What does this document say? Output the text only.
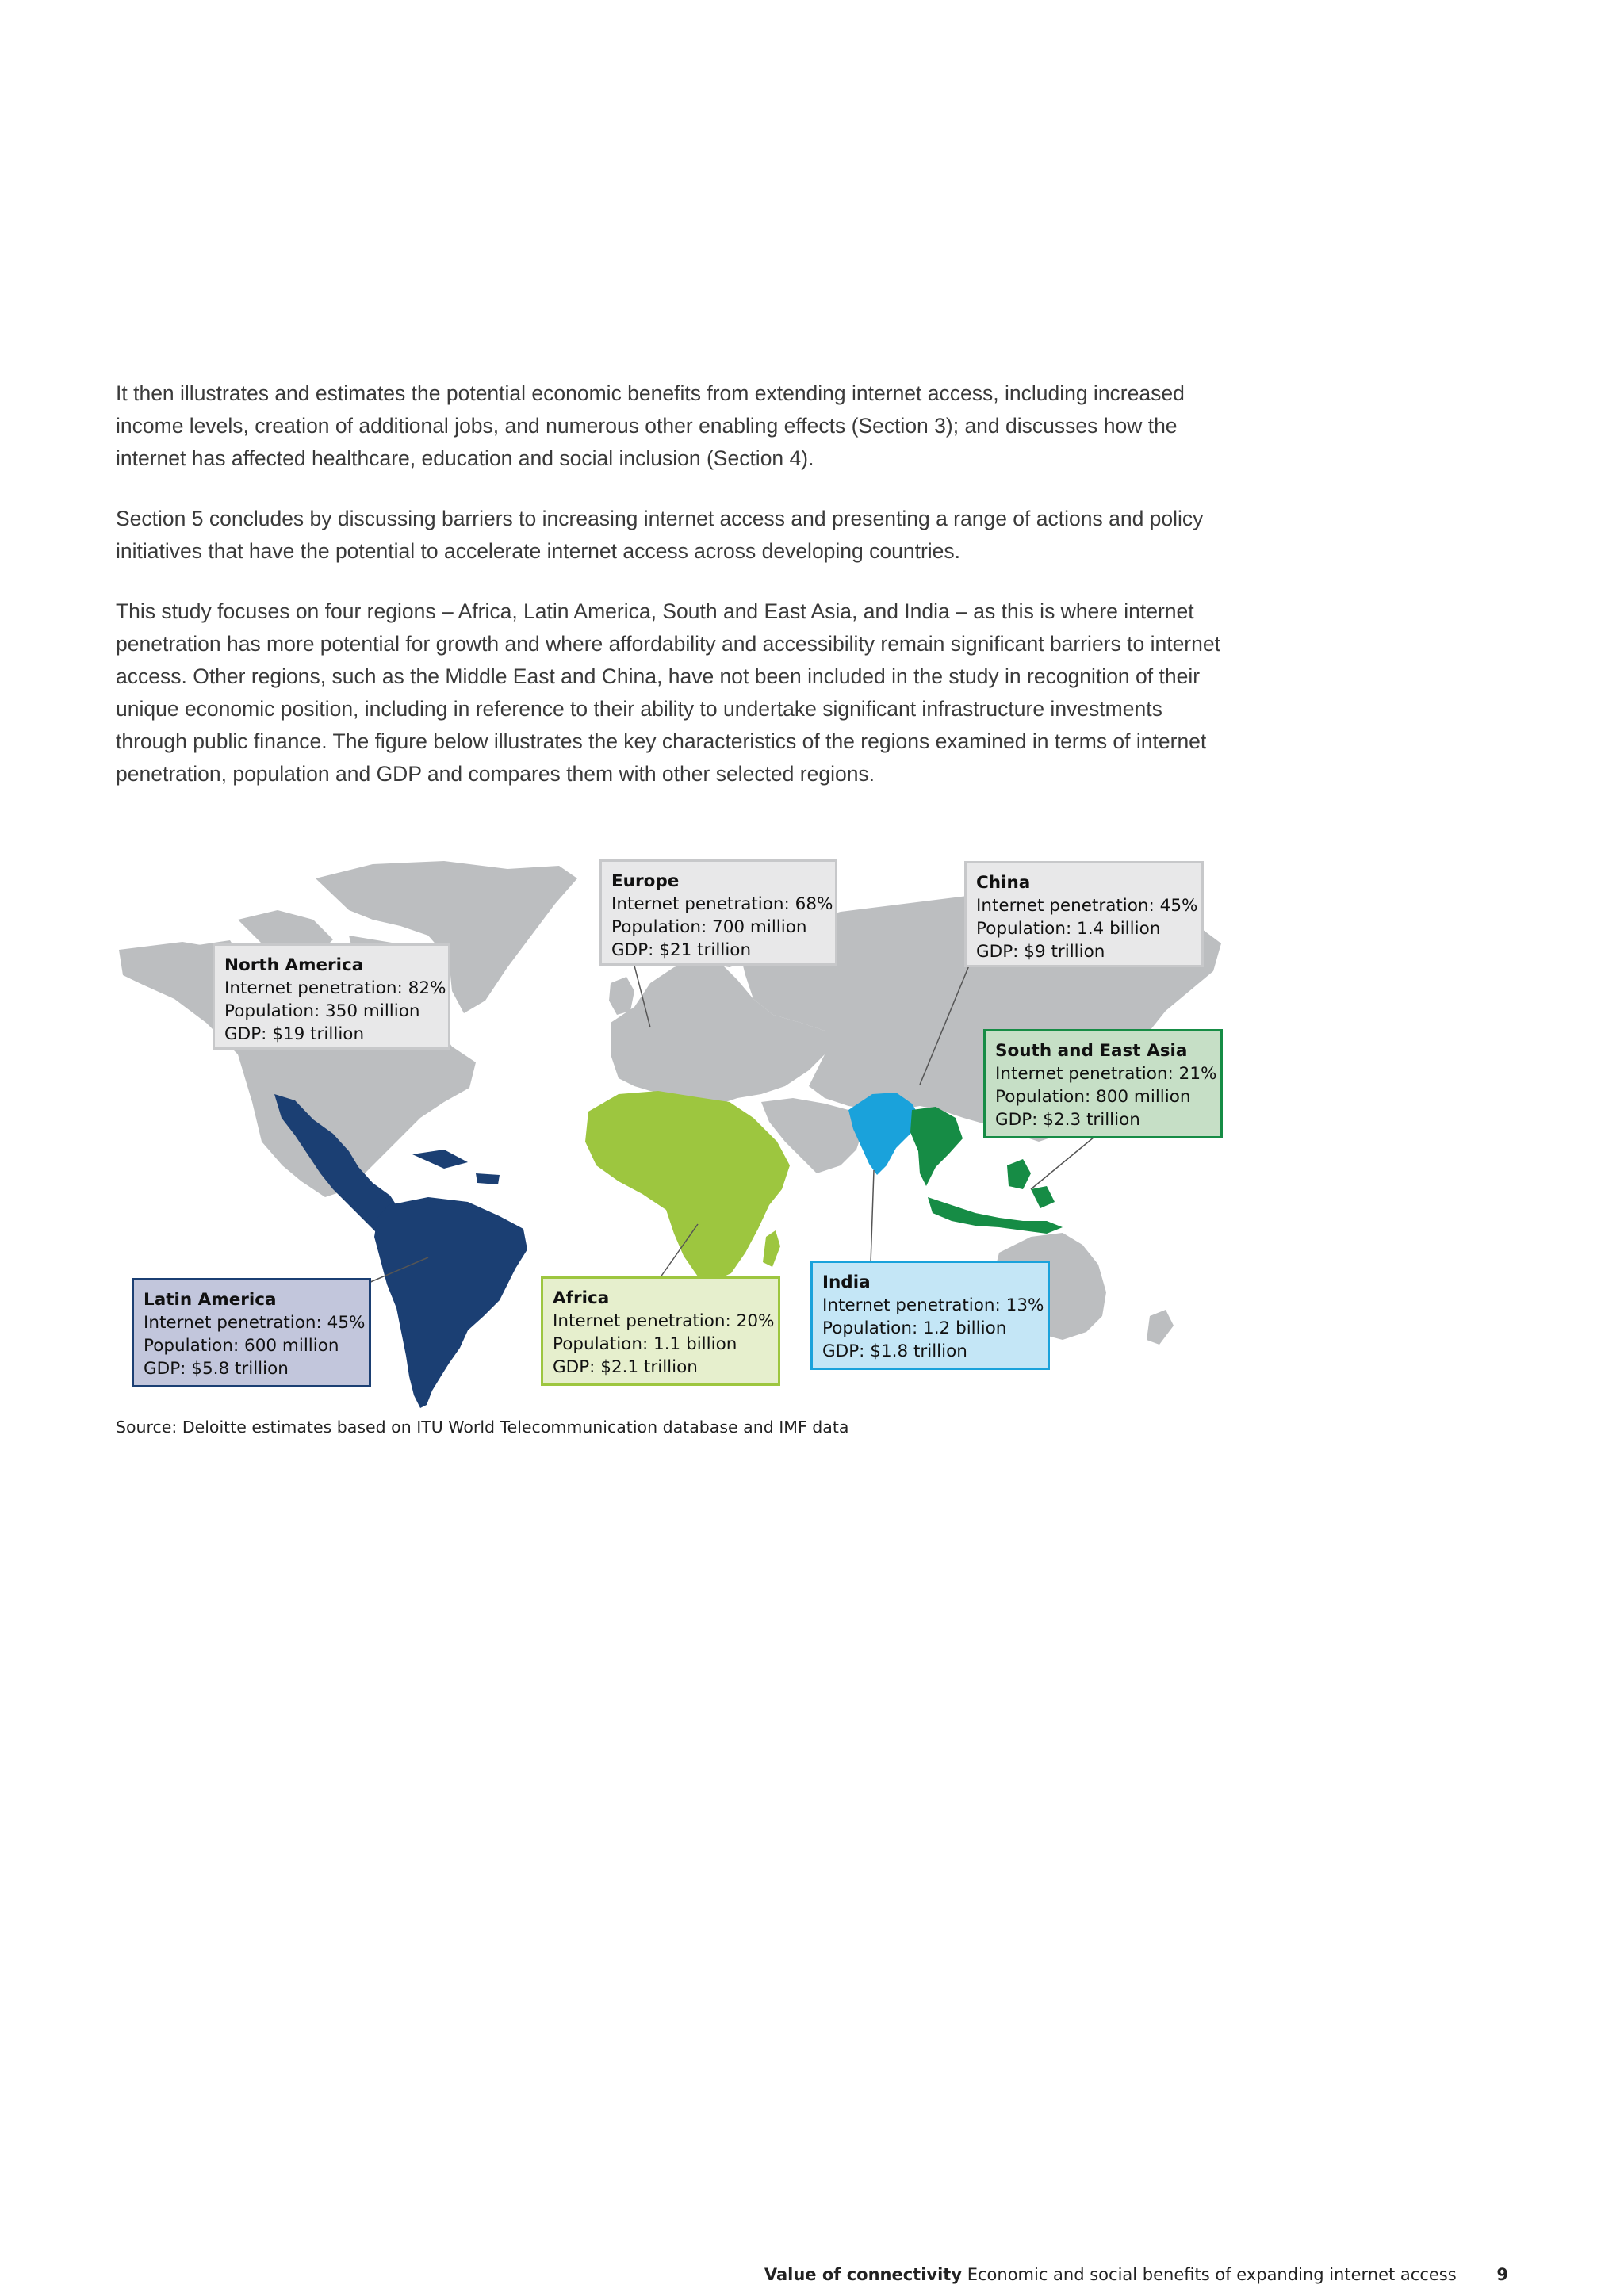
It then illustrates and estimates the potential economic benefits from extending internet access, including increased income levels, creation of additional jobs, and numerous other enabling effects (Section 3); and discusses how the internet has affected healthcare, education and social inclusion (Section 4).

Section 5 concludes by discussing barriers to increasing internet access and presenting a range of actions and policy initiatives that have the potential to accelerate internet access across developing countries.

This study focuses on four regions – Africa, Latin America, South and East Asia, and India – as this is where internet penetration has more potential for growth and where affordability and accessibility remain significant barriers to internet access. Other regions, such as the Middle East and China, have not been included in the study in recognition of their unique economic position, including in reference to their ability to undertake significant infrastructure investments through public finance. The figure below illustrates the key characteristics of the regions examined in terms of internet penetration, population and GDP and compares them with other selected regions.

North America
Internet penetration: 82%
Population: 350 million
GDP: $19 trillion
Europe
Internet penetration: 68%
Population: 700 million
GDP: $21 trillion
China
Internet penetration: 45%
Population: 1.4 billion
GDP: $9 trillion
South and East Asia
Internet penetration: 21%
Population: 800 million
GDP: $2.3 trillion
Latin America
Internet penetration: 45%
Population: 600 million
GDP: $5.8 trillion
Africa
Internet penetration: 20%
Population: 1.1 billion
GDP: $2.1 trillion
India
Internet penetration: 13%
Population: 1.2 billion
GDP: $1.8 trillion
Source: Deloitte estimates based on ITU World Telecommunication database and IMF data
Value of connectivity Economic and social benefits of expanding internet access 9
